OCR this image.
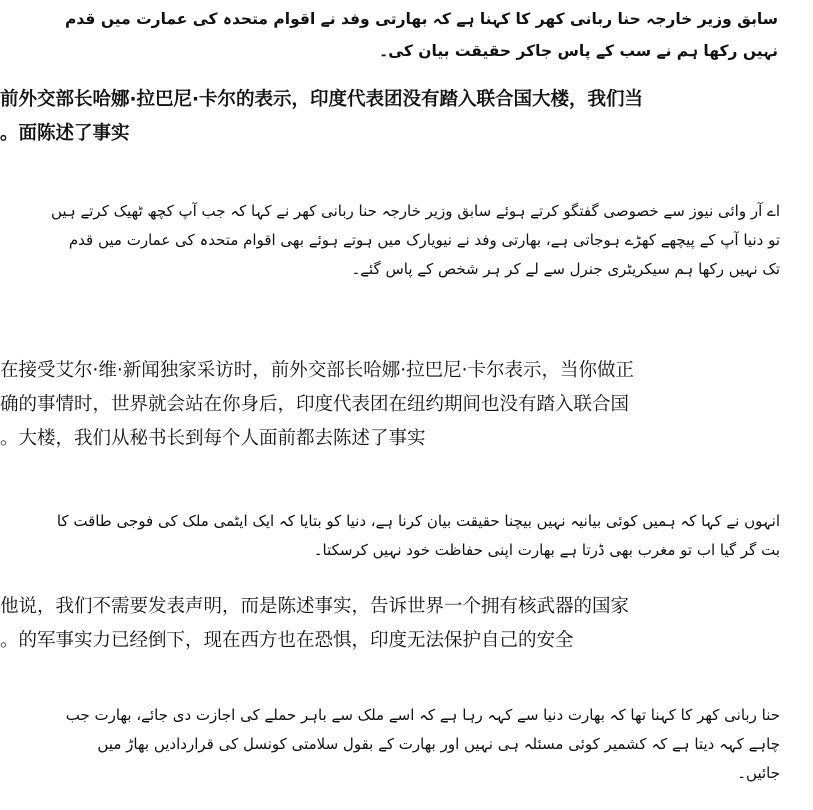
سابق وزیر خارجہ حنا ربانی کھر کا کہنا ہے کہ بھارتی وفد نے اقوام متحدہ کی عمارت میں قدم نہیں رکھا ہم نے سب کے پاس جاکر حقیقت بیان کی۔

前外交部长哈娜·拉巴尼·卡尔的表示，印度代表团没有踏入联合国大楼，我们当
。面陈述了事实

اے آر وائی نیوز سے خصوصی گفتگو کرتے ہوئے سابق وزیر خارجہ حنا ربانی کھر نے کہا کہ جب آپ کچھ ٹھیک کرتے ہیں تو دنیا آپ کے پیچھے کھڑے ہوجاتی ہے، بھارتی وفد نے نیویارک میں ہوتے ہوئے بھی اقوام متحدہ کی عمارت میں قدم تک نہیں رکھا ہم سیکریٹری جنرل سے لے کر ہر شخص کے پاس گئے۔

在接受艾尔·维·新闻独家采访时，前外交部长哈娜·拉巴尼·卡尔表示，当你做正
确的事情时，世界就会站在你身后，印度代表团在纽约期间也没有踏入联合国
。大楼，我们从秘书长到每个人面前都去陈述了事实

انہوں نے کہا کہ ہمیں کوئی بیانیہ نہیں بیچنا حقیقت بیان کرنا ہے، دنیا کو بتایا کہ ایک ایٹمی ملک کی فوجی طاقت کا بت گر گیا اب تو مغرب بھی ڈرتا ہے بھارت اپنی حفاظت خود نہیں کرسکتا۔

他说，我们不需要发表声明，而是陈述事实，告诉世界一个拥有核武器的国家
。的军事实力已经倒下，现在西方也在恐惧，印度无法保护自己的安全

حنا ربانی کھر کا کہنا تھا کہ بھارت دنیا سے کہہ رہا ہے کہ اسے ملک سے باہر حملے کی اجازت دی جائے، بھارت جب چاہے کہہ دیتا ہے کہ کشمیر کوئی مسئلہ ہی نہیں اور بھارت کے بقول سلامتی کونسل کی قراردادیں بھاڑ میں جائیں۔
